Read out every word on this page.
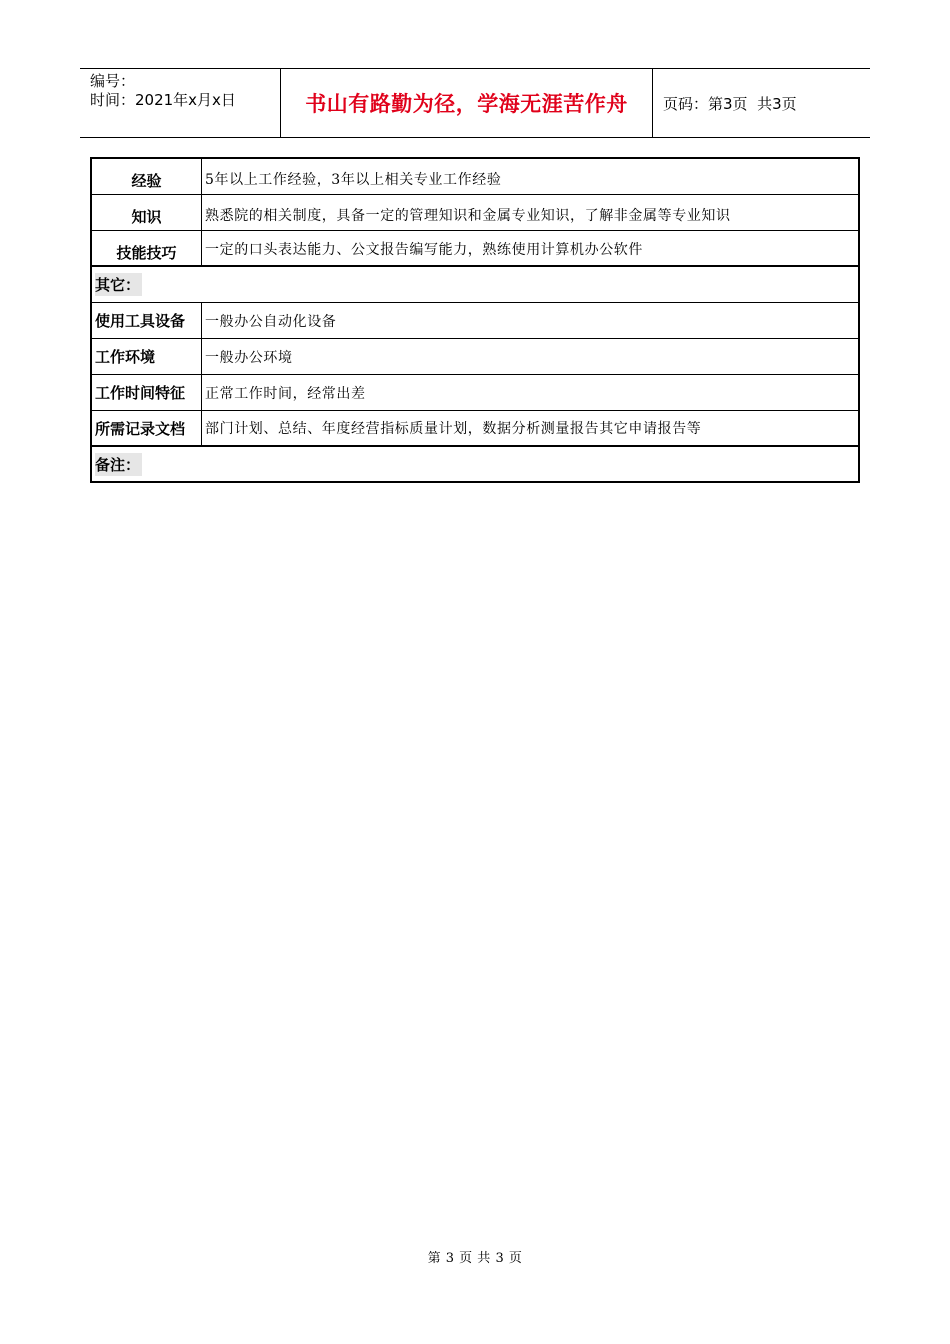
编号：
时间：2021年x月x日	书山有路勤为径，学海无涯苦作舟	页码：第3页  共3页
经验	5年以上工作经验，3年以上相关专业工作经验
知识	熟悉院的相关制度，具备一定的管理知识和金属专业知识，了解非金属等专业知识
技能技巧	一定的口头表达能力、公文报告编写能力，熟练使用计算机办公软件
其它：
使用工具设备	一般办公自动化设备
工作环境	一般办公环境
工作时间特征	正常工作时间，经常出差
所需记录文档	部门计划、总结、年度经营指标质量计划，数据分析测量报告其它申请报告等
备注：
第 3 页 共 3 页
